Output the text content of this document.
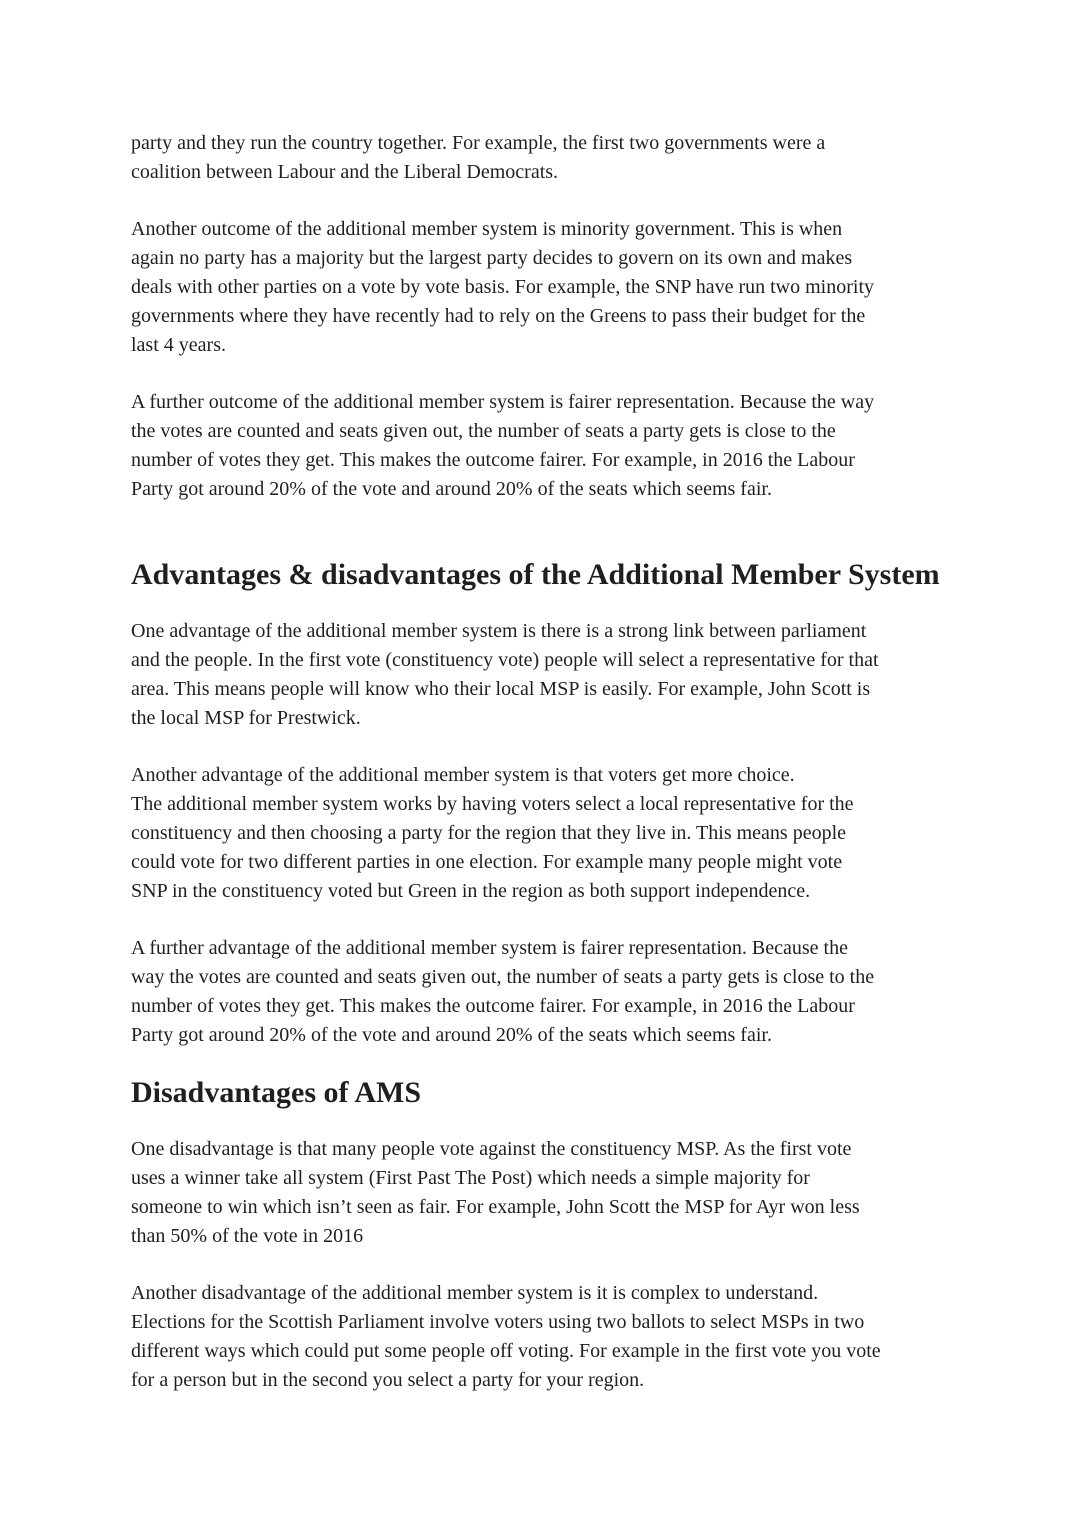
party and they run the country together. For example, the first two governments were a
coalition between Labour and the Liberal Democrats.

Another outcome of the additional member system is minority government. This is when
again no party has a majority but the largest party decides to govern on its own and makes
deals with other parties on a vote by vote basis. For example, the SNP have run two minority
governments where they have recently had to rely on the Greens to pass their budget for the
last 4 years.

A further outcome of the additional member system is fairer representation. Because the way
the votes are counted and seats given out, the number of seats a party gets is close to the
number of votes they get. This makes the outcome fairer. For example, in 2016 the Labour
Party got around 20% of the vote and around 20% of the seats which seems fair.

Advantages & disadvantages of the Additional Member System

One advantage of the additional member system is there is a strong link between parliament
and the people. In the first vote (constituency vote) people will select a representative for that
area. This means people will know who their local MSP is easily. For example, John Scott is
the local MSP for Prestwick.

Another advantage of the additional member system is that voters get more choice.
The additional member system works by having voters select a local representative for the
constituency and then choosing a party for the region that they live in. This means people
could vote for two different parties in one election. For example many people might vote
SNP in the constituency voted but Green in the region as both support independence.

A further advantage of the additional member system is fairer representation. Because the
way the votes are counted and seats given out, the number of seats a party gets is close to the
number of votes they get. This makes the outcome fairer. For example, in 2016 the Labour
Party got around 20% of the vote and around 20% of the seats which seems fair.

Disadvantages of AMS

One disadvantage is that many people vote against the constituency MSP. As the first vote
uses a winner take all system (First Past The Post) which needs a simple majority for
someone to win which isn’t seen as fair. For example, John Scott the MSP for Ayr won less
than 50% of the vote in 2016

Another disadvantage of the additional member system is it is complex to understand.
Elections for the Scottish Parliament involve voters using two ballots to select MSPs in two
different ways which could put some people off voting. For example in the first vote you vote
for a person but in the second you select a party for your region.
